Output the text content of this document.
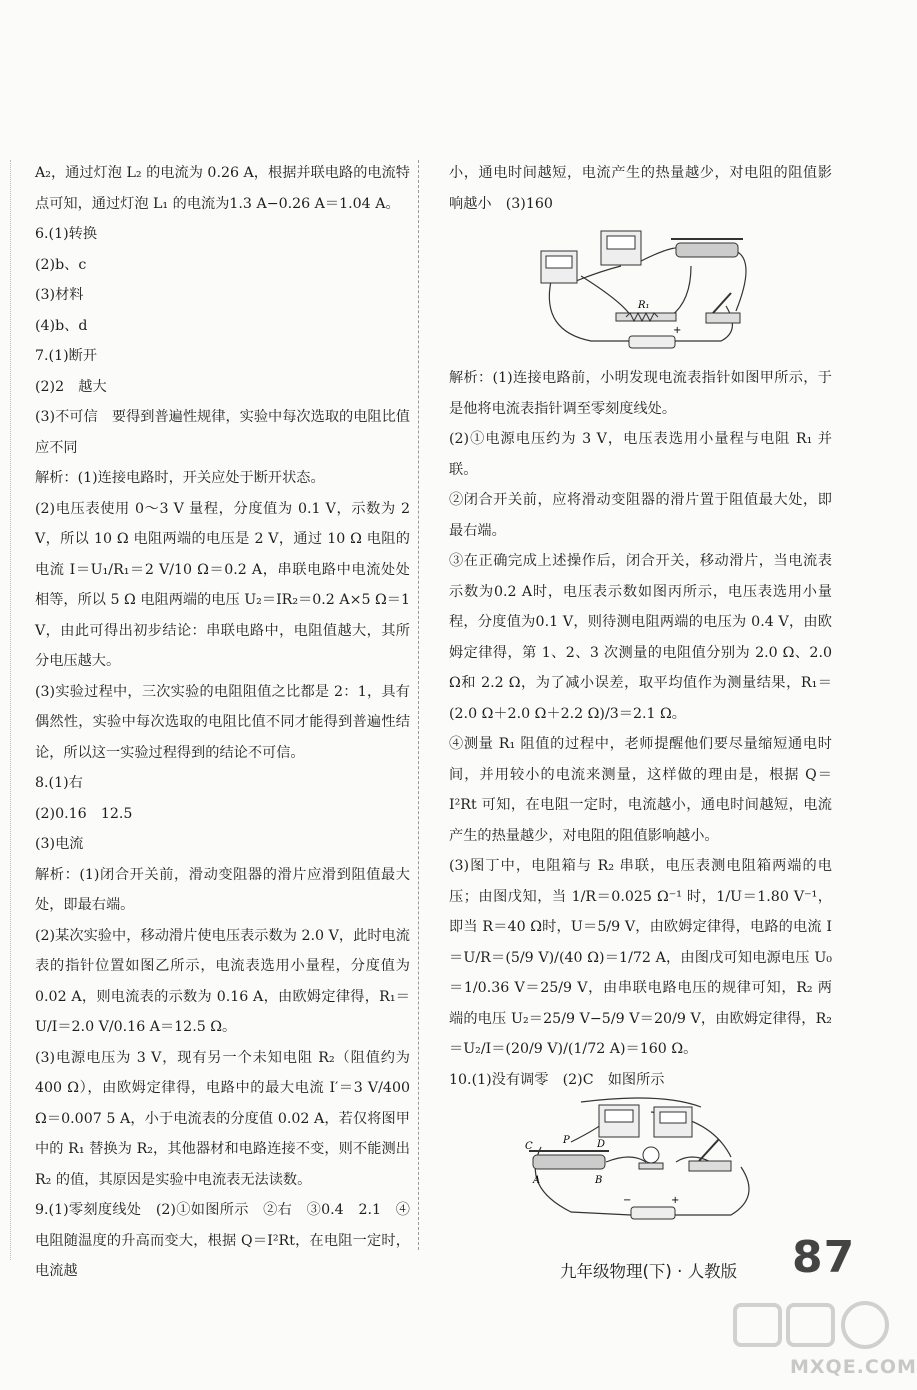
A₂，通过灯泡 L₂ 的电流为 0.26 A，根据并联电路的电流特点可知，通过灯泡 L₁ 的电流为1.3 A−0.26 A＝1.04 A。

6.(1)转换

(2)b、c

(3)材料

(4)b、d

7.(1)断开

(2)2　越大

(3)不可信　要得到普遍性规律，实验中每次选取的电阻比值应不同

解析：(1)连接电路时，开关应处于断开状态。

(2)电压表使用 0～3 V 量程，分度值为 0.1 V，示数为 2 V，所以 10 Ω 电阻两端的电压是 2 V，通过 10 Ω 电阻的电流 I＝U₁/R₁＝2 V/10 Ω＝0.2 A，串联电路中电流处处相等，所以 5 Ω 电阻两端的电压 U₂＝IR₂＝0.2 A×5 Ω＝1 V，由此可得出初步结论：串联电路中，电阻值越大，其所分电压越大。

(3)实验过程中，三次实验的电阻阻值之比都是 2：1，具有偶然性，实验中每次选取的电阻比值不同才能得到普遍性结论，所以这一实验过程得到的结论不可信。

8.(1)右

(2)0.16　12.5

(3)电流

解析：(1)闭合开关前，滑动变阻器的滑片应滑到阻值最大处，即最右端。

(2)某次实验中，移动滑片使电压表示数为 2.0 V，此时电流表的指针位置如图乙所示，电流表选用小量程，分度值为0.02 A，则电流表的示数为 0.16 A，由欧姆定律得，R₁＝U/I＝2.0 V/0.16 A＝12.5 Ω。

(3)电源电压为 3 V，现有另一个未知电阻 R₂（阻值约为 400 Ω），由欧姆定律得，电路中的最大电流 I′＝3 V/400 Ω＝0.007 5 A，小于电流表的分度值 0.02 A，若仅将图甲中的 R₁ 替换为 R₂，其他器材和电路连接不变，则不能测出 R₂ 的值，其原因是实验中电流表无法读数。

9.(1)零刻度线处　(2)①如图所示　②右　③0.4　2.1　④电阻随温度的升高而变大，根据 Q＝I²Rt，在电阻一定时，电流越

小，通电时间越短，电流产生的热量越少，对电阻的阻值影响越小　(3)160

R₁
+

解析：(1)连接电路前，小明发现电流表指针如图甲所示，于是他将电流表指针调至零刻度线处。

(2)①电源电压约为 3 V，电压表选用小量程与电阻 R₁ 并联。

②闭合开关前，应将滑动变阻器的滑片置于阻值最大处，即最右端。

③在正确完成上述操作后，闭合开关，移动滑片，当电流表示数为0.2 A时，电压表示数如图丙所示，电压表选用小量程，分度值为0.1 V，则待测电阻两端的电压为 0.4 V，由欧姆定律得，第 1、2、3 次测量的电阻值分别为 2.0 Ω、2.0 Ω和 2.2 Ω，为了减小误差，取平均值作为测量结果，R₁＝(2.0 Ω＋2.0 Ω＋2.2 Ω)/3＝2.1 Ω。

④测量 R₁ 阻值的过程中，老师提醒他们要尽量缩短通电时间，并用较小的电流来测量，这样做的理由是，根据 Q＝I²Rt 可知，在电阻一定时，电流越小，通电时间越短，电流产生的热量越少，对电阻的阻值影响越小。

(3)图丁中，电阻箱与 R₂ 串联，电压表测电阻箱两端的电压；由图戊知，当 1/R＝0.025 Ω⁻¹ 时，1/U＝1.80 V⁻¹，即当 R＝40 Ω时，U＝5/9 V，由欧姆定律得，电路的电流 I＝U/R＝(5/9 V)/(40 Ω)＝1/72 A，由图戊可知电源电压 U₀＝1/0.36 V＝25/9 V，由串联电路电压的规律可知，R₂ 两端的电压 U₂＝25/9 V−5/9 V＝20/9 V，由欧姆定律得，R₂＝U₂/I＝(20/9 V)/(1/72 A)＝160 Ω。

10.(1)没有调零　(2)C　如图所示

C
P	D
A	B
−	+
九年级物理(下) · 人教版 87
MXQE.COM
